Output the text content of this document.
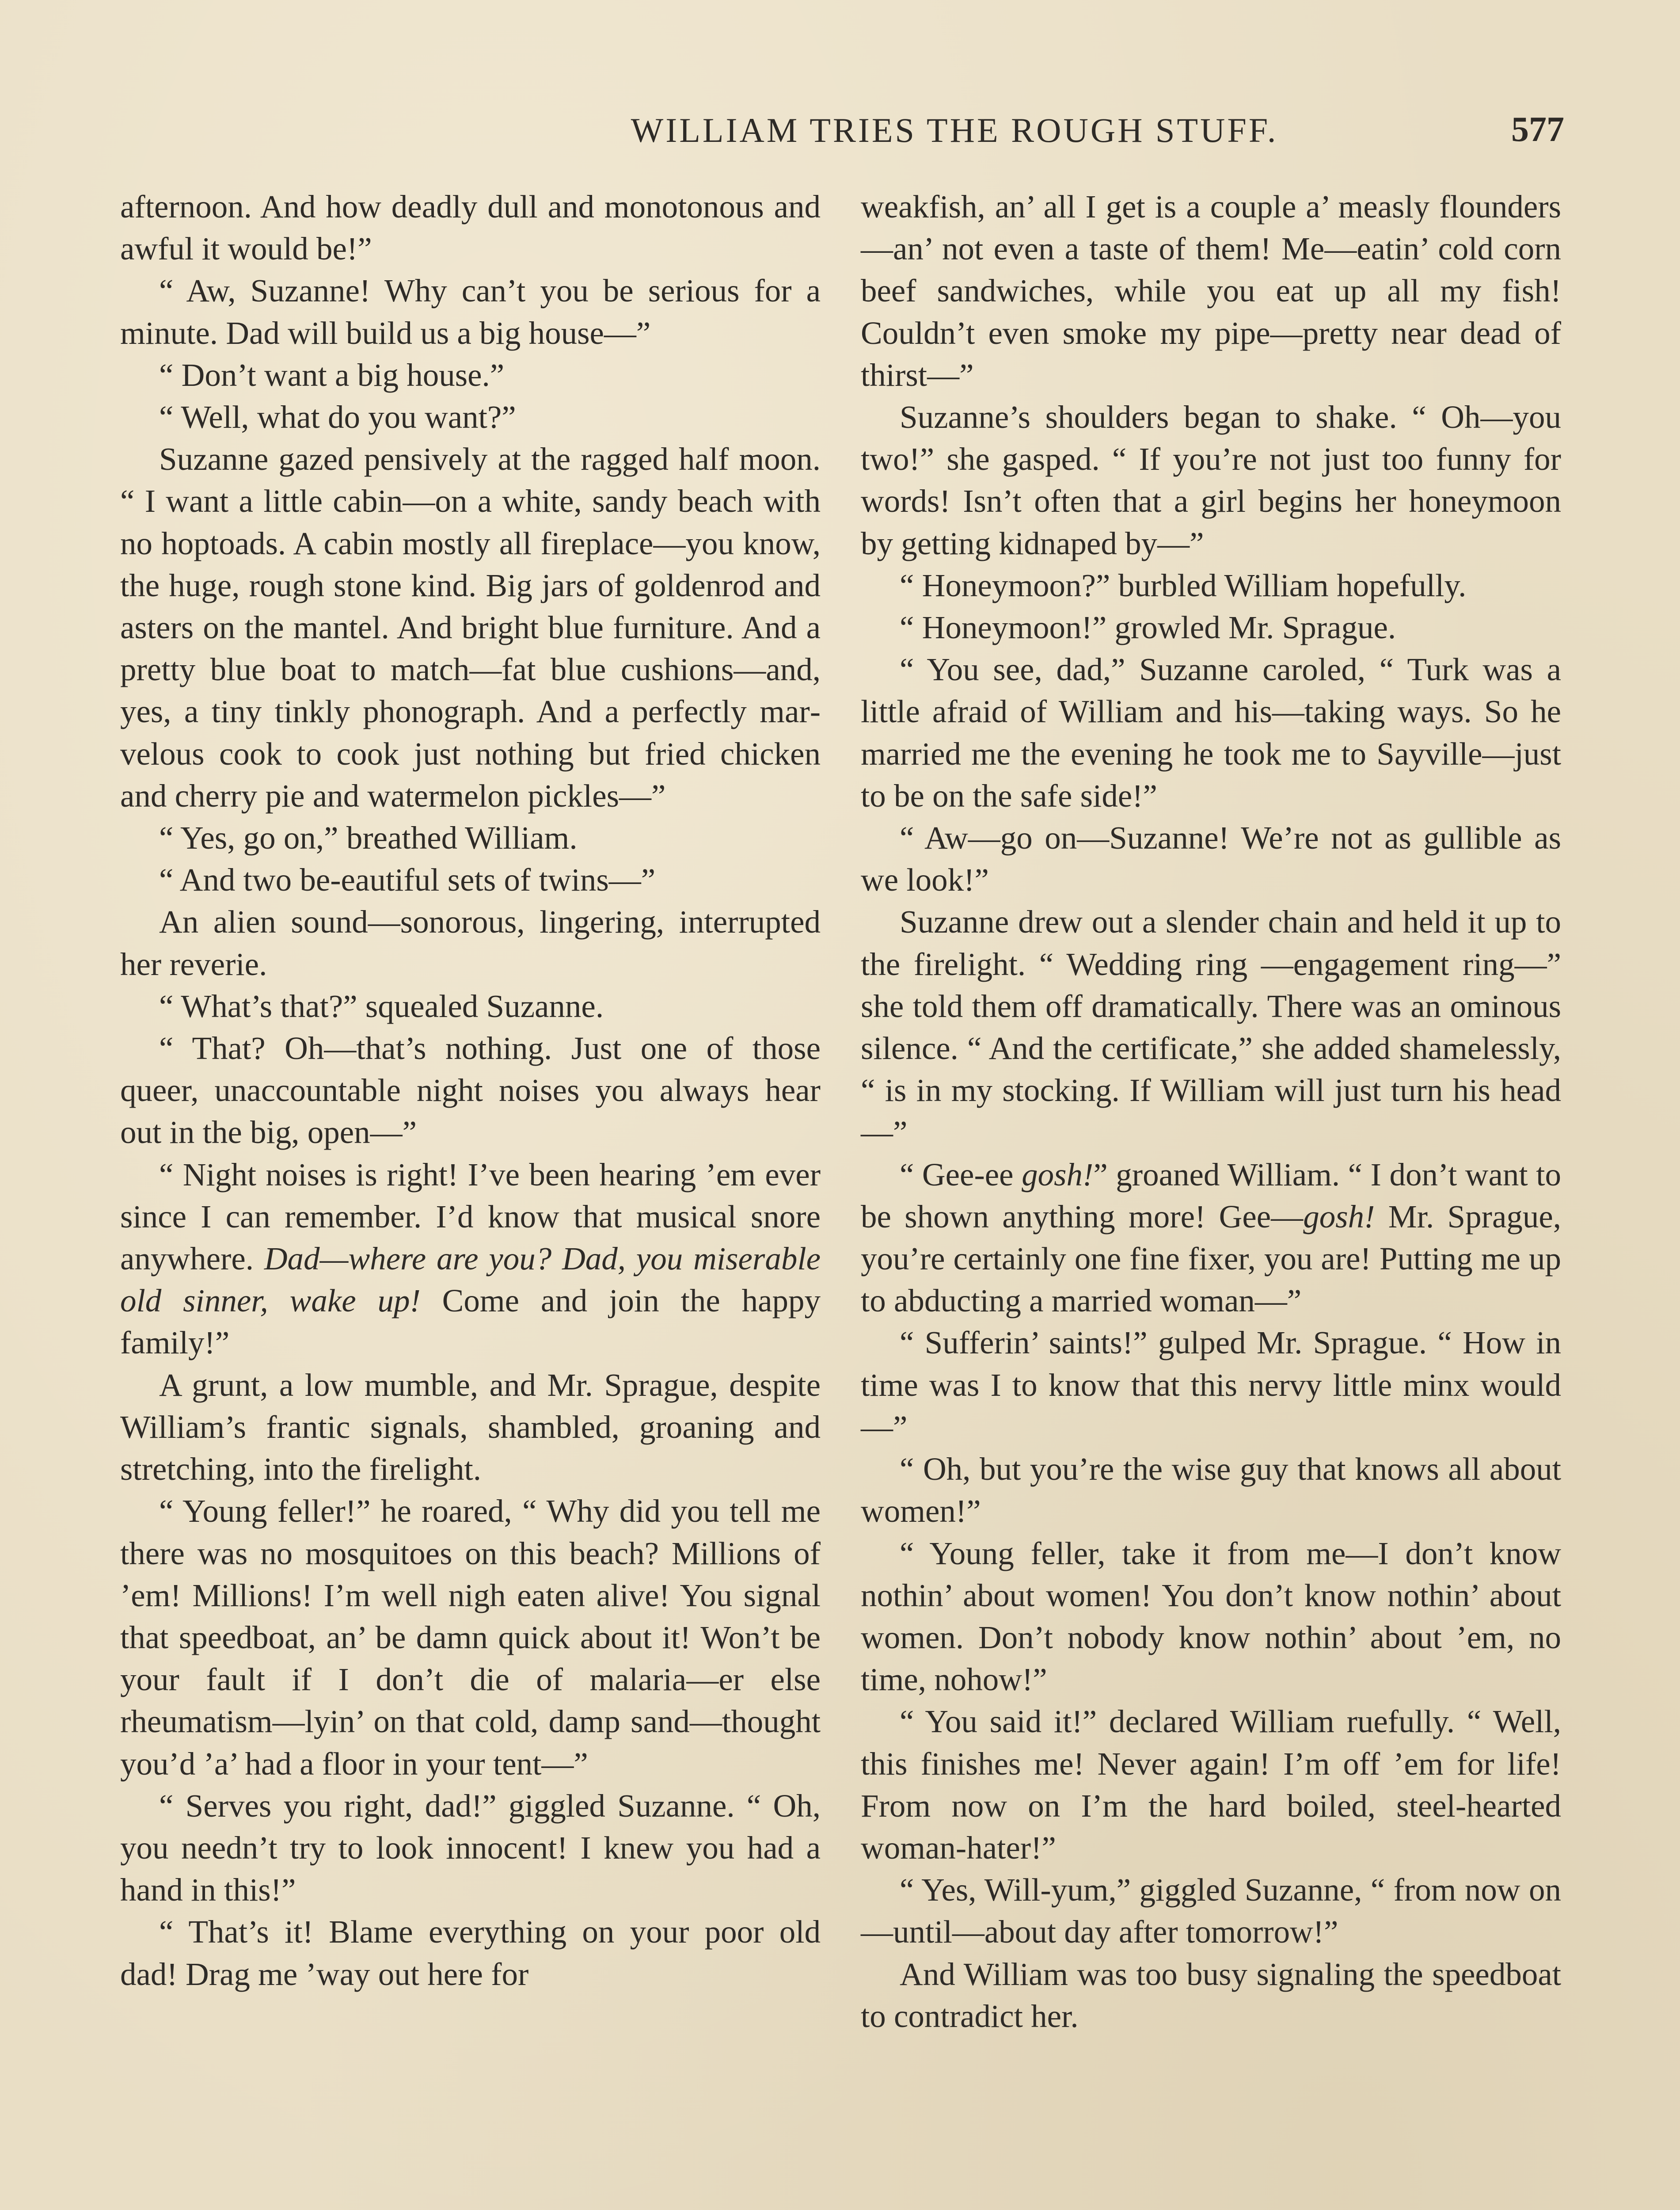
WILLIAM TRIES THE ROUGH STUFF.	577

afternoon. And how deadly dull and monotonous and awful it would be!”

“ Aw, Suzanne! Why can’t you be serious for a minute. Dad will build us a big house—”

“ Don’t want a big house.”

“ Well, what do you want?”

Suzanne gazed pensively at the ragged half moon. “ I want a little cabin—on a white, sandy beach with no hoptoads. A cabin mostly all fireplace—you know, the huge, rough stone kind. Big jars of goldenrod and asters on the mantel. And bright blue furniture. And a pretty blue boat to match—fat blue cushions—and, yes, a tiny tinkly phonograph. And a perfectly marvelous cook to cook just nothing but fried chicken and cherry pie and watermelon pickles—”

“ Yes, go on,” breathed William.

“ And two be-eautiful sets of twins—”

An alien sound—sonorous, lingering, interrupted her reverie.

“ What’s that?” squealed Suzanne.

“ That? Oh—that’s nothing. Just one of those queer, unaccountable night noises you always hear out in the big, open—”

“ Night noises is right! I’ve been hearing ’em ever since I can remember. I’d know that musical snore anywhere. Dad—where are you? Dad, you miserable old sinner, wake up! Come and join the happy family!”

A grunt, a low mumble, and Mr. Sprague, despite William’s frantic signals, shambled, groaning and stretching, into the firelight.

“ Young feller!” he roared, “ Why did you tell me there was no mosquitoes on this beach? Millions of ’em! Millions! I’m well nigh eaten alive! You signal that speedboat, an’ be damn quick about it! Won’t be your fault if I don’t die of malaria—er else rheumatism—lyin’ on that cold, damp sand—thought you’d ’a’ had a floor in your tent—”

“ Serves you right, dad!” giggled Suzanne. “ Oh, you needn’t try to look innocent! I knew you had a hand in this!”

“ That’s it! Blame everything on your poor old dad! Drag me ’way out here for

weakfish, an’ all I get is a couple a’ measly flounders—an’ not even a taste of them! Me—eatin’ cold corn beef sandwiches, while you eat up all my fish! Couldn’t even smoke my pipe—pretty near dead of thirst—”

Suzanne’s shoulders began to shake. “ Oh—you two!” she gasped. “ If you’re not just too funny for words! Isn’t often that a girl begins her honeymoon by getting kidnaped by—”

“ Honeymoon?” burbled William hopefully.

“ Honeymoon!” growled Mr. Sprague.

“ You see, dad,” Suzanne caroled, “ Turk was a little afraid of William and his—taking ways. So he married me the evening he took me to Sayville—just to be on the safe side!”

“ Aw—go on—Suzanne! We’re not as gullible as we look!”

Suzanne drew out a slender chain and held it up to the firelight. “ Wedding ring —engagement ring—” she told them off dramatically. There was an ominous silence. “ And the certificate,” she added shamelessly, “ is in my stocking. If William will just turn his head—”

“ Gee-ee gosh!” groaned William. “ I don’t want to be shown anything more! Gee—gosh! Mr. Sprague, you’re certainly one fine fixer, you are! Putting me up to abducting a married woman—”

“ Sufferin’ saints!” gulped Mr. Sprague. “ How in time was I to know that this nervy little minx would—”

“ Oh, but you’re the wise guy that knows all about women!”

“ Young feller, take it from me—I don’t know nothin’ about women! You don’t know nothin’ about women. Don’t nobody know nothin’ about ’em, no time, nohow!”

“ You said it!” declared William ruefully. “ Well, this finishes me! Never again! I’m off ’em for life! From now on I’m the hard boiled, steel-hearted woman-hater!”

“ Yes, Will-yum,” giggled Suzanne, “ from now on—until—about day after tomorrow!”

And William was too busy signaling the speedboat to contradict her.
